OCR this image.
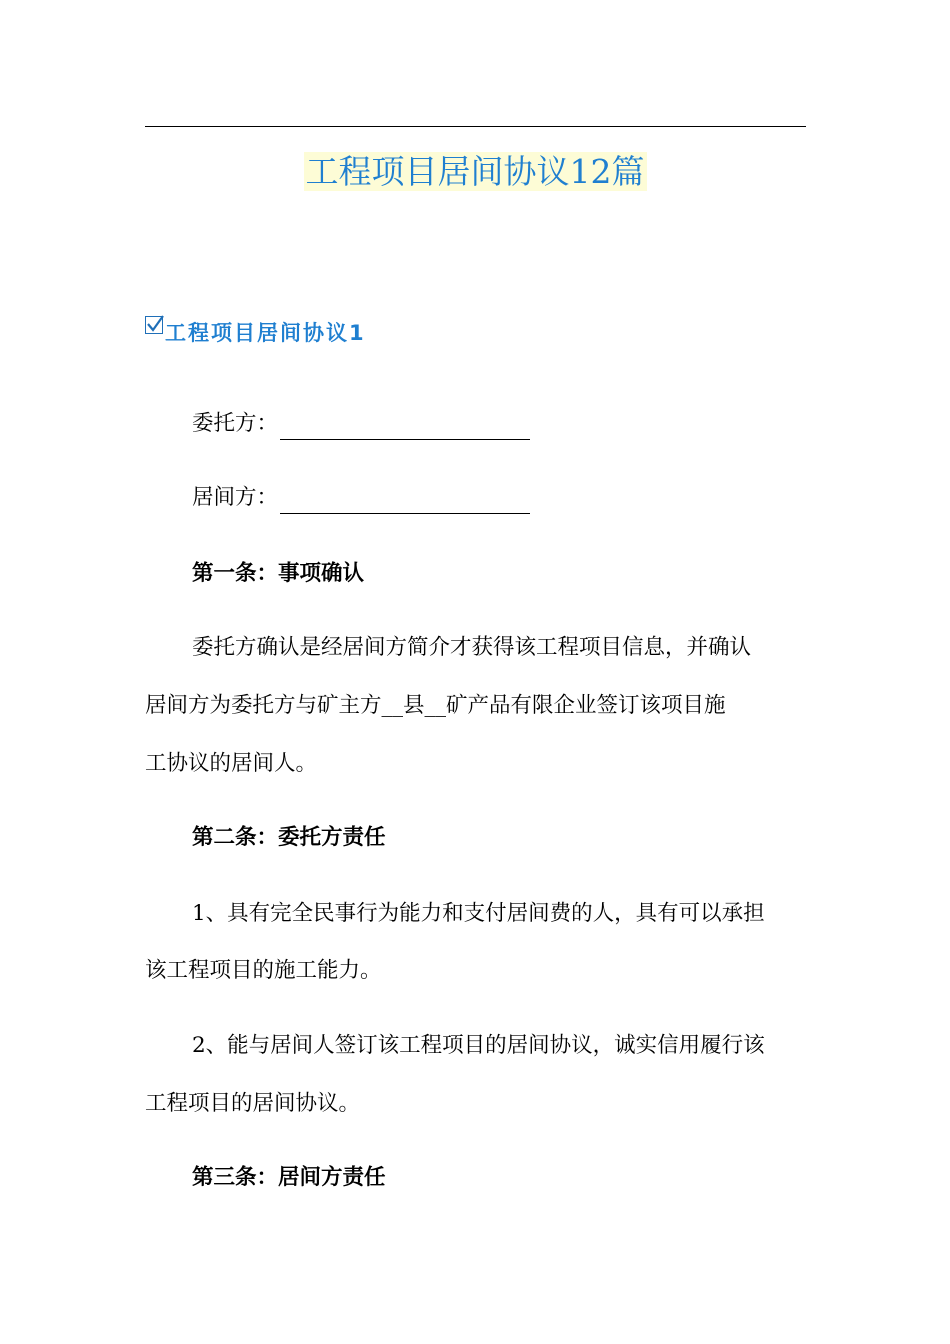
工程项目居间协议12篇
工程项目居间协议1

委托方：

居间方：

第一条：事项确认

委托方确认是经居间方简介才获得该工程项目信息，并确认

居间方为委托方与矿主方__县__矿产品有限企业签订该项目施

工协议的居间人。

第二条：委托方责任

1、具有完全民事行为能力和支付居间费的人，具有可以承担

该工程项目的施工能力。

2、能与居间人签订该工程项目的居间协议，诚实信用履行该

工程项目的居间协议。

第三条：居间方责任
